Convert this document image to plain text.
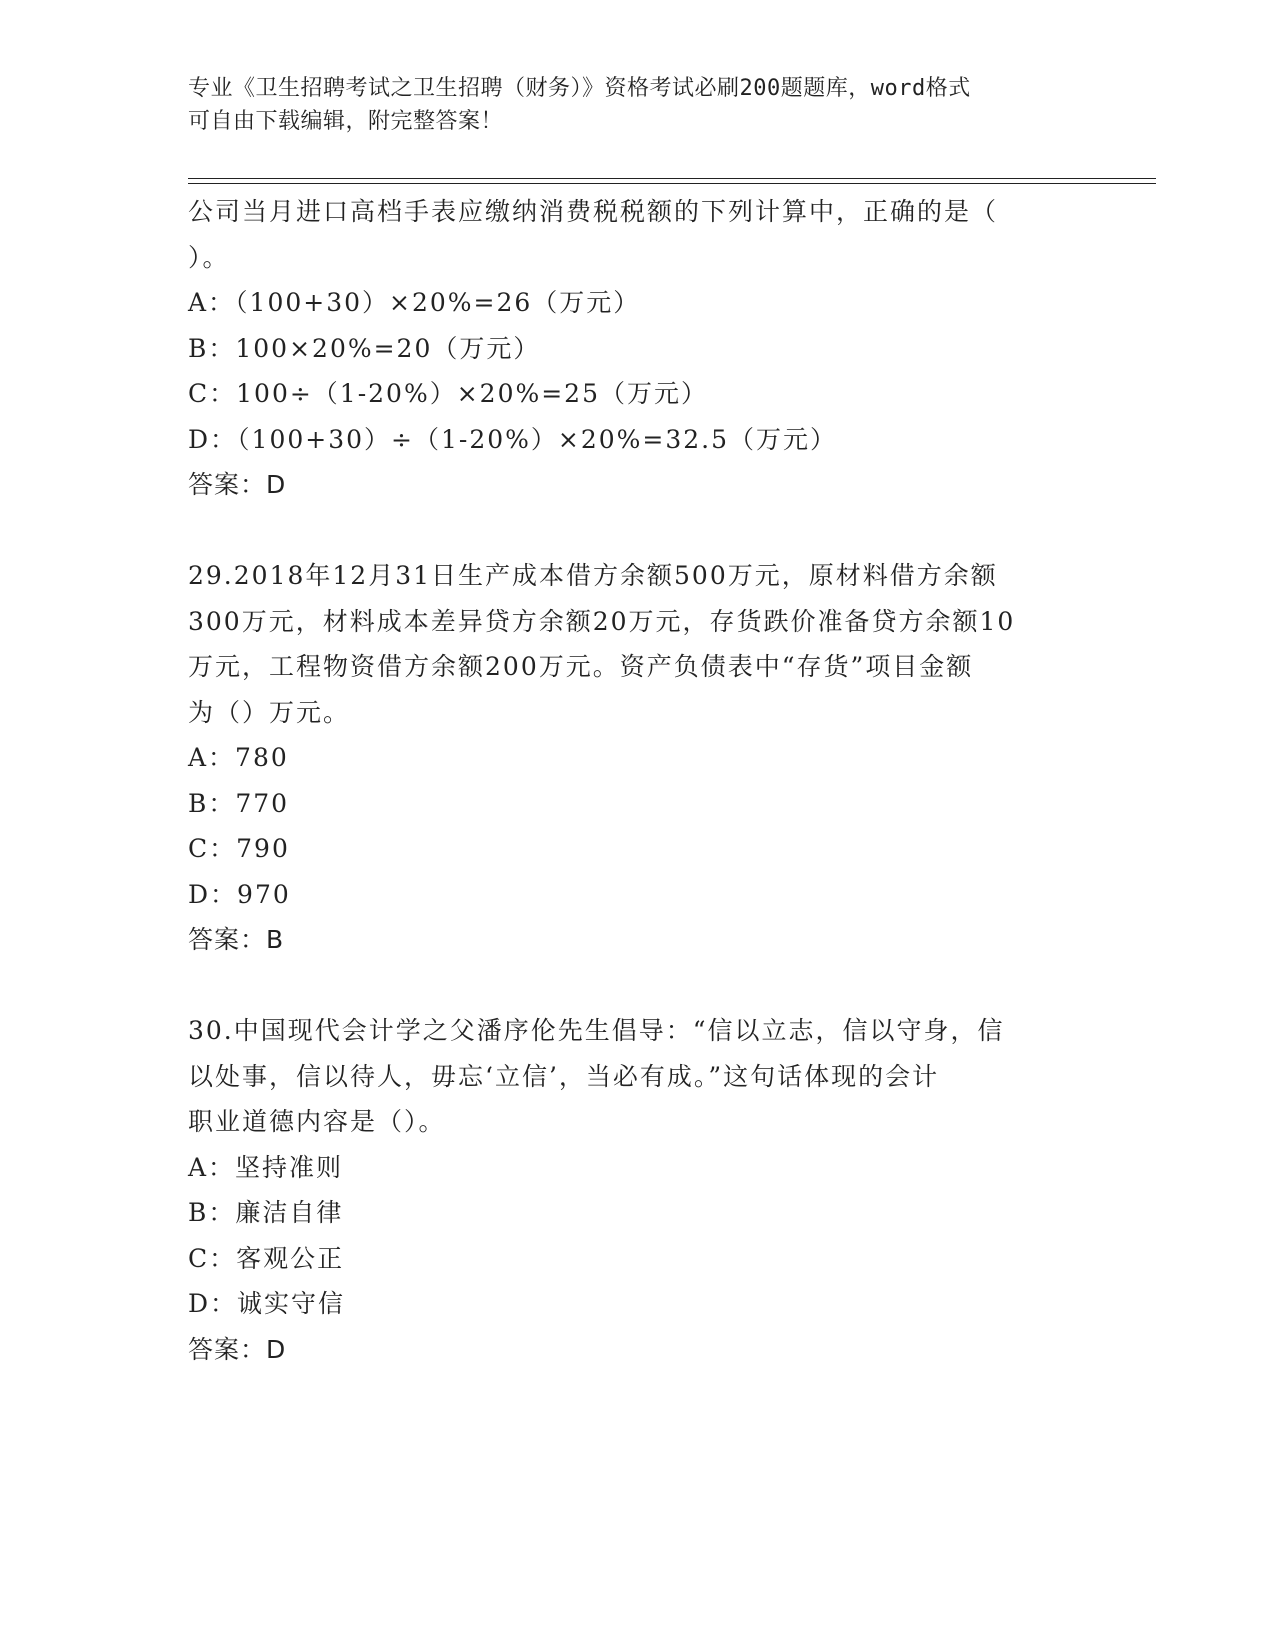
专业《卫生招聘考试之卫生招聘（财务）》资格考试必刷200题题库，word格式
可自由下载编辑，附完整答案！
公司当月进口高档手表应缴纳消费税税额的下列计算中，正确的是（
）。
A：（100+30）×20%=26（万元）
B：100×20%=20（万元）
C：100÷（1-20%）×20%=25（万元）
D：（100+30）÷（1-20%）×20%=32.5（万元）
答案：D
29.2018年12月31日生产成本借方余额500万元，原材料借方余额
300万元，材料成本差异贷方余额20万元，存货跌价准备贷方余额10
万元，工程物资借方余额200万元。资产负债表中“存货”项目金额
为（）万元。
A：780
B：770
C：790
D：970
答案：B
30.中国现代会计学之父潘序伦先生倡导：“信以立志，信以守身，信
以处事，信以待人，毋忘‘立信’，当必有成。”这句话体现的会计
职业道德内容是（）。
A：坚持准则
B：廉洁自律
C：客观公正
D：诚实守信
答案：D
